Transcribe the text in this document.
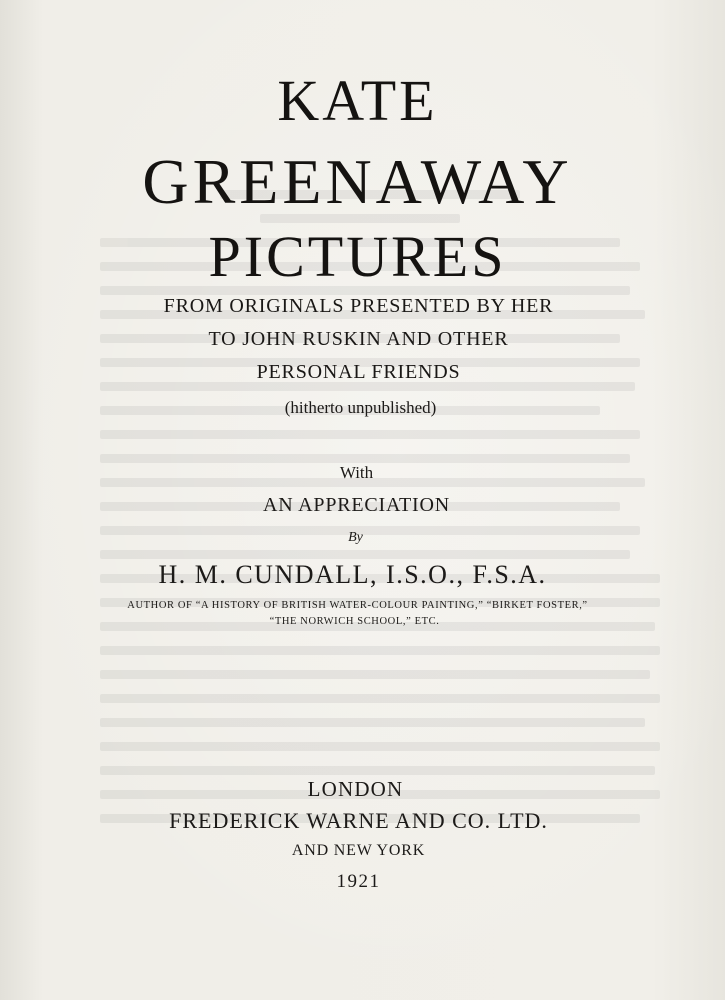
KATE
GREENAWAY
PICTURES
FROM ORIGINALS PRESENTED BY HER
TO JOHN RUSKIN AND OTHER
PERSONAL FRIENDS
(hitherto unpublished)
With
AN APPRECIATION
By
H. M. CUNDALL, I.S.O., F.S.A.
AUTHOR OF “A HISTORY OF BRITISH WATER-COLOUR PAINTING,” “BIRKET FOSTER,”
“THE NORWICH SCHOOL,” ETC.
LONDON
FREDERICK WARNE AND CO. LTD.
AND NEW YORK
1921
